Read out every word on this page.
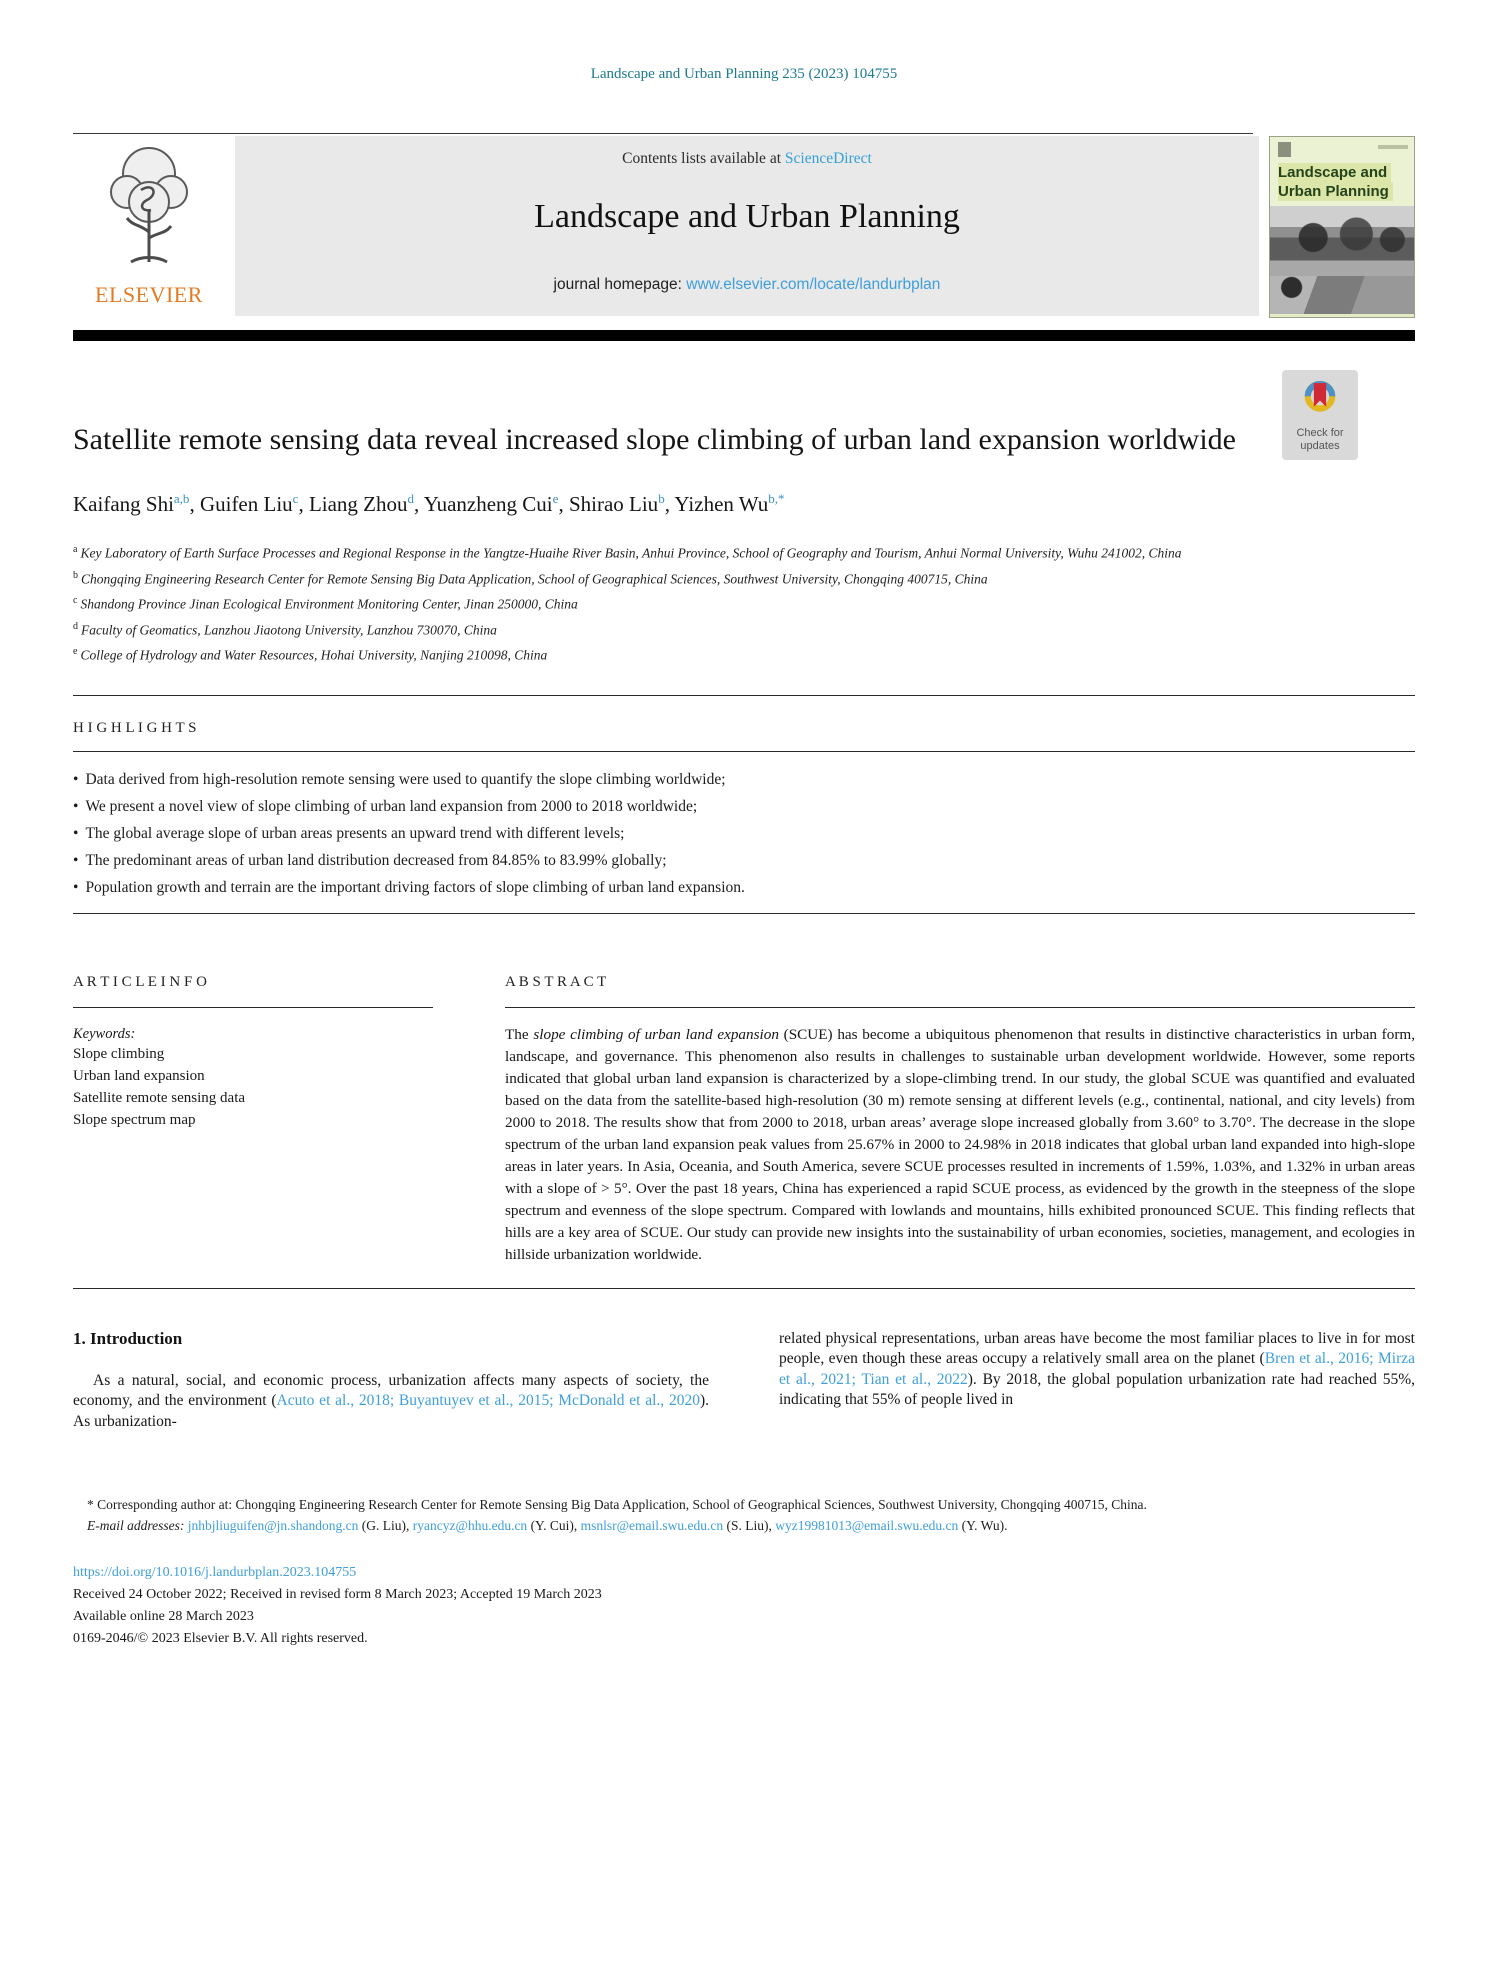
Landscape and Urban Planning 235 (2023) 104755
ELSEVIER
Contents lists available at ScienceDirect
Landscape and Urban Planning
journal homepage: www.elsevier.com/locate/landurbplan
Landscape and
Urban Planning
Satellite remote sensing data reveal increased slope climbing of urban land expansion worldwide
Kaifang Shi$^{a,b}$, Guifen Liu$^c$, Liang Zhou$^d$, Yuanzheng Cui$^e$, Shirao Liu$^b$, Yizhen $Wu^{b,*}$
$^a$ Key Laboratory of Earth Surface Processes and Regional Response in the Yangtze-Huaihe River Basin, Anhui Province, School of Geography and Tourism, Anhui Normal University, Wuhu 241002, China
$^b$ Chongqing Engineering Research Center for Remote Sensing Big Data Application, School of Geographical Sciences, Southwest University, Chongqing 400715, China
$^c$ Shandong Province Jinan Ecological Environment Monitoring Center, Jinan 250000, China
$^d$ Faculty of Geomatics, Lanzhou Jiaotong University, Lanzhou 730070, China
$^e$ College of Hydrology and Water Resources, Hohai University, Nanjing 210098, China
H I G H L I G H T S
• Data derived from high-resolution remote sensing were used to quantify the slope climbing worldwide;
• We present a novel view of slope climbing of urban land expansion from 2000 to 2018 worldwide;
• The global average slope of urban areas presents an upward trend with different levels;
• The predominant areas of urban land distribution decreased from 84.85% to 83.99% globally;
• Population growth and terrain are the important driving factors of slope climbing of urban land expansion.
A R T I C L E I N F O
Keywords:
Slope climbing
Urban land expansion
Satellite remote sensing data
Slope spectrum map
A B S T R A C T

The slope climbing of urban land expansion (SCUE) has become a ubiquitous phenomenon that results in distinctive characteristics in urban form, landscape, and governance. This phenomenon also results in challenges to sustainable urban development worldwide. However, some reports indicated that global urban land expansion is characterized by a slope-climbing trend. In our study, the global SCUE was quantified and evaluated based on the data from the satellite-based high-resolution (30 m) remote sensing at different levels (e.g., continental, national, and city levels) from 2000 to 2018. The results show that from 2000 to 2018, urban areas’ average slope increased globally from 3.60° to 3.70°. The decrease in the slope spectrum of the urban land expansion peak values from 25.67% in 2000 to 24.98% in 2018 indicates that global urban land expanded into high-slope areas in later years. In Asia, Oceania, and South America, severe SCUE processes resulted in increments of 1.59%, 1.03%, and 1.32% in urban areas with a slope of > 5°. Over the past 18 years, China has experienced a rapid SCUE process, as evidenced by the growth in the steepness of the slope spectrum and evenness of the slope spectrum. Compared with lowlands and mountains, hills exhibited pronounced SCUE. This finding reflects that hills are a key area of SCUE. Our study can provide new insights into the sustainability of urban economies, societies, management, and ecologies in hillside urbanization worldwide.

1. Introduction

As a natural, social, and economic process, urbanization affects many aspects of society, the economy, and the environment (Acuto et al., 2018; Buyantuyev et al., 2015; McDonald et al., 2020). As urbanization-

related physical representations, urban areas have become the most familiar places to live in for most people, even though these areas occupy a relatively small area on the planet (Bren et al., 2016; Mirza et al., 2021; Tian et al., 2022). By 2018, the global population urbanization rate had reached 55%, indicating that 55% of people lived in

* Corresponding author at: Chongqing Engineering Research Center for Remote Sensing Big Data Application, School of Geographical Sciences, Southwest University, Chongqing 400715, China.

E-mail addresses: jnhbjliuguifen@jn.shandong.cn (G. Liu), ryancyz@hhu.edu.cn (Y. Cui), msnlsr@email.swu.edu.cn (S. Liu), wyz19981013@email.swu.edu.cn (Y. Wu).

https://doi.org/10.1016/j.landurbplan.2023.104755
Received 24 October 2022; Received in revised form 8 March 2023; Accepted 19 March 2023
Available online 28 March 2023
0169-2046/© 2023 Elsevier B.V. All rights reserved.
Check for
updates
